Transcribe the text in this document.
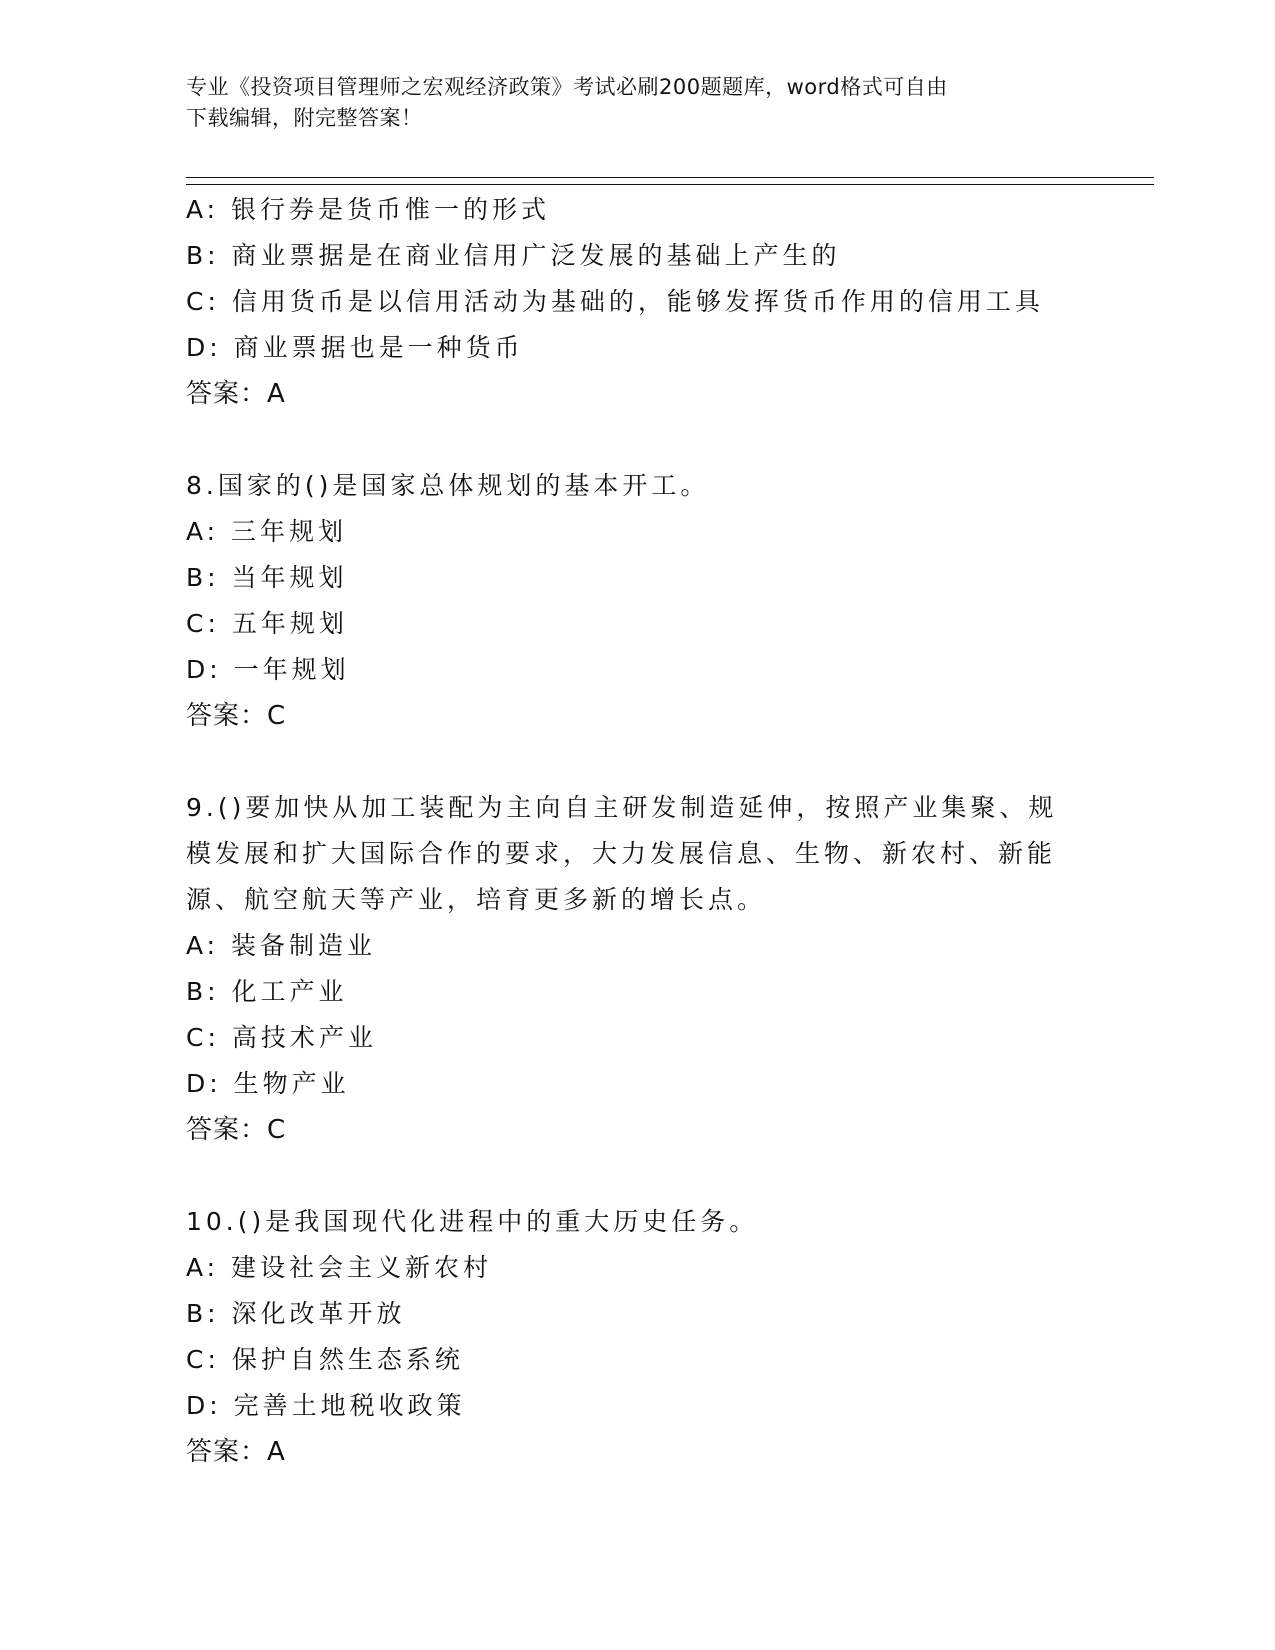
专业《投资项目管理师之宏观经济政策》考试必刷200题题库，word格式可自由
下载编辑，附完整答案！
A: 银行券是货币惟一的形式
B: 商业票据是在商业信用广泛发展的基础上产生的
C: 信用货币是以信用活动为基础的，能够发挥货币作用的信用工具
D: 商业票据也是一种货币
答案：A
8.国家的()是国家总体规划的基本开工。
A: 三年规划
B: 当年规划
C: 五年规划
D: 一年规划
答案：C
9.()要加快从加工装配为主向自主研发制造延伸，按照产业集聚、规
模发展和扩大国际合作的要求，大力发展信息、生物、新农村、新能
源、航空航天等产业，培育更多新的增长点。
A: 装备制造业
B: 化工产业
C: 高技术产业
D: 生物产业
答案：C
10.()是我国现代化进程中的重大历史任务。
A: 建设社会主义新农村
B: 深化改革开放
C: 保护自然生态系统
D: 完善土地税收政策
答案：A
